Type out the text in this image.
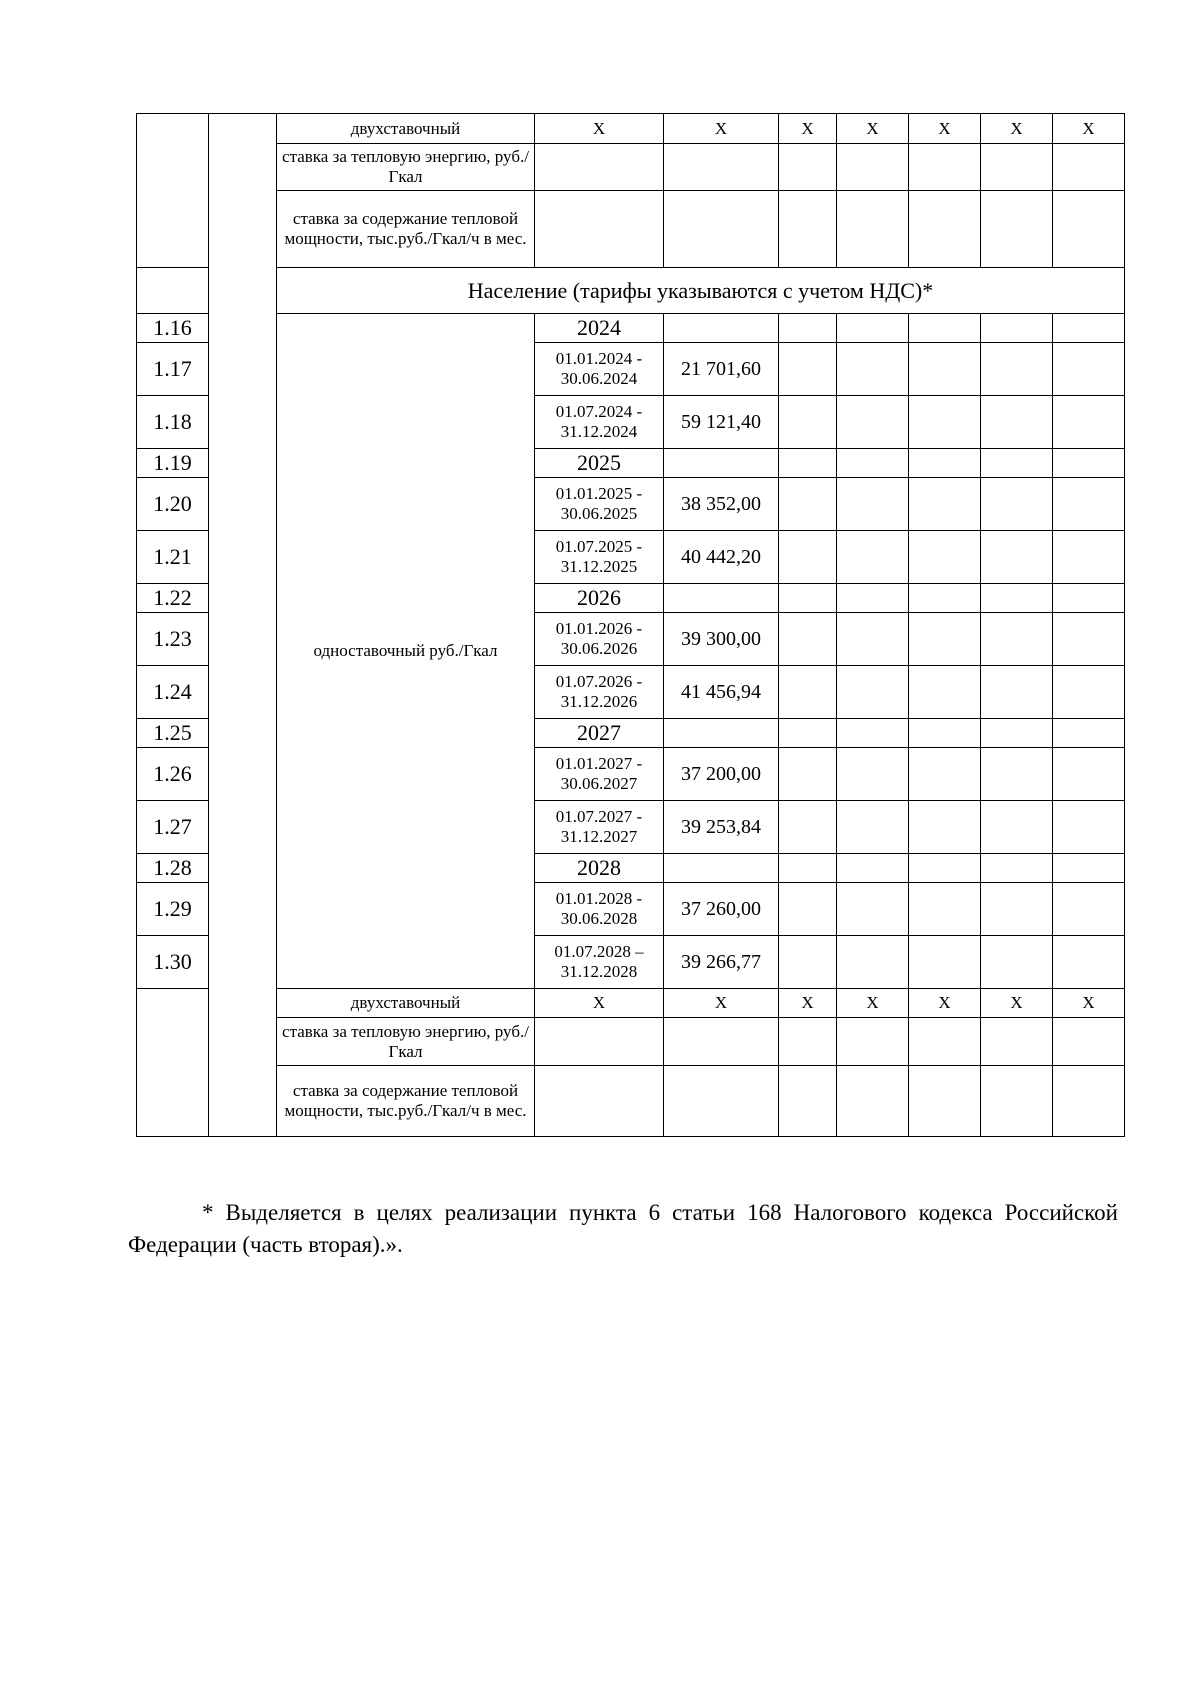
		двухставочный	X	X	X	X	X	X	X
		ставка за тепловую энергию, руб./Гкал							
		ставка за содержание тепловой мощности, тыс.руб./Гкал/ч в мес.							
		Население (тарифы указываются с учетом НДС)*							
1.16		одноставочный руб./Гкал	2024						
1.17			01.01.2024 - 30.06.2024	21 701,60					
1.18			01.07.2024 - 31.12.2024	59 121,40					
1.19			2025						
1.20			01.01.2025 - 30.06.2025	38 352,00					
1.21			01.07.2025 - 31.12.2025	40 442,20					
1.22			2026						
1.23			01.01.2026 - 30.06.2026	39 300,00					
1.24			01.07.2026 - 31.12.2026	41 456,94					
1.25			2027						
1.26			01.01.2027 - 30.06.2027	37 200,00					
1.27			01.07.2027 - 31.12.2027	39 253,84					
1.28			2028						
1.29			01.01.2028 - 30.06.2028	37 260,00					
1.30			01.07.2028 – 31.12.2028	39 266,77					
		двухставочный	X	X	X	X	X	X	X
		ставка за тепловую энергию, руб./Гкал							
		ставка за содержание тепловой мощности, тыс.руб./Гкал/ч в мес.							

* Выделяется в целях реализации пункта 6 статьи 168 Налогового кодекса Российской Федерации (часть вторая).».
